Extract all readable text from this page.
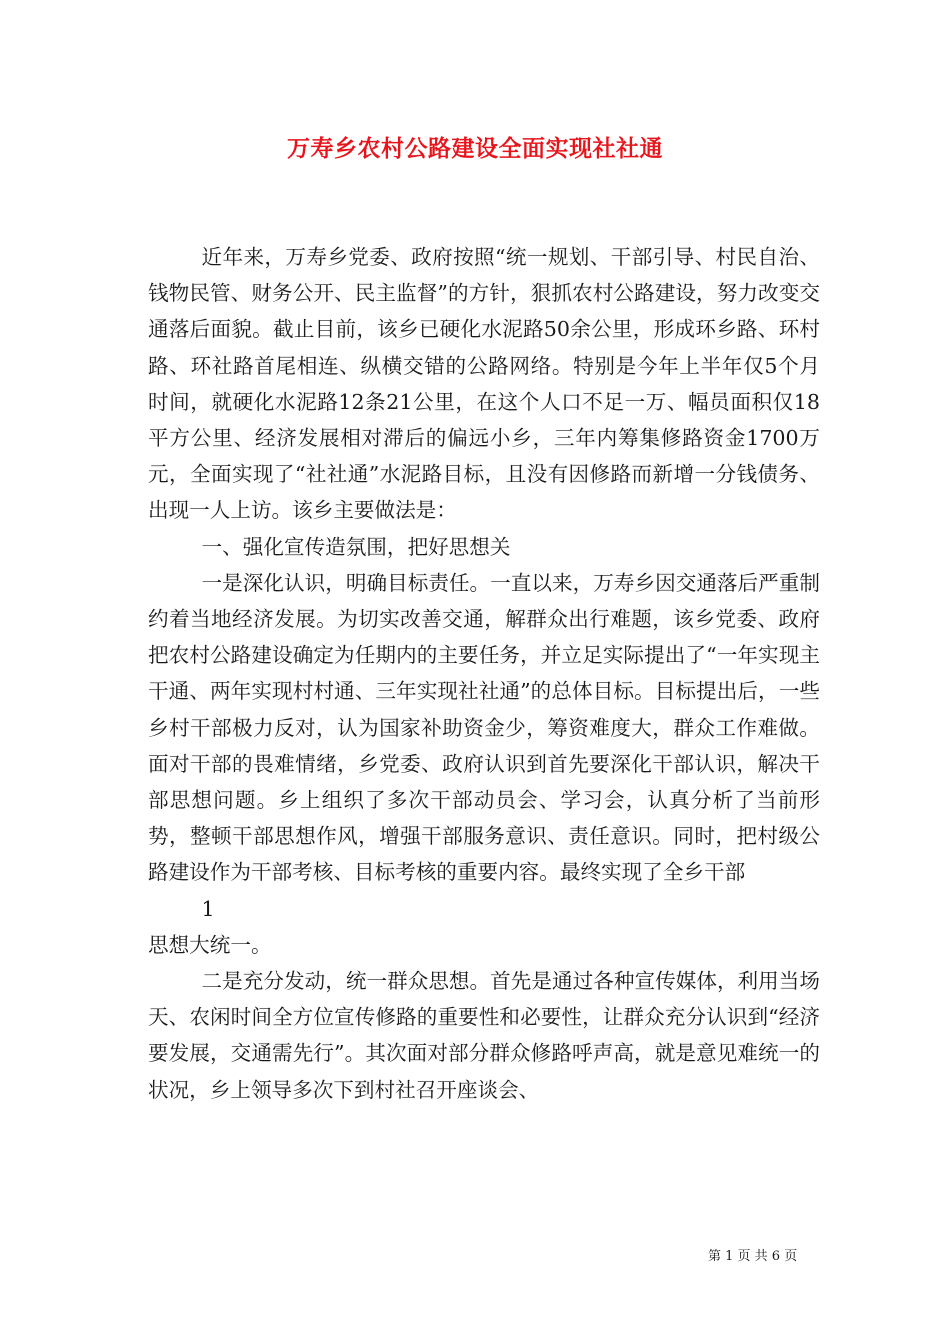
万寿乡农村公路建设全面实现社社通

近年来，万寿乡党委、政府按照“统一规划、干部引导、村民自治、钱物民管、财务公开、民主监督”的方针，狠抓农村公路建设，努力改变交通落后面貌。截止目前，该乡已硬化水泥路50余公里，形成环乡路、环村路、环社路首尾相连、纵横交错的公路网络。特别是今年上半年仅5个月时间，就硬化水泥路12条21公里，在这个人口不足一万、幅员面积仅18平方公里、经济发展相对滞后的偏远小乡，三年内筹集修路资金1700万元，全面实现了“社社通”水泥路目标，且没有因修路而新增一分钱债务、出现一人上访。该乡主要做法是：

一、强化宣传造氛围，把好思想关

一是深化认识，明确目标责任。一直以来，万寿乡因交通落后严重制约着当地经济发展。为切实改善交通，解群众出行难题，该乡党委、政府把农村公路建设确定为任期内的主要任务，并立足实际提出了“一年实现主干通、两年实现村村通、三年实现社社通”的总体目标。目标提出后，一些乡村干部极力反对，认为国家补助资金少，筹资难度大，群众工作难做。面对干部的畏难情绪，乡党委、政府认识到首先要深化干部认识，解决干部思想问题。乡上组织了多次干部动员会、学习会，认真分析了当前形势，整顿干部思想作风，增强干部服务意识、责任意识。同时，把村级公路建设作为干部考核、目标考核的重要内容。最终实现了全乡干部

1

思想大统一。

二是充分发动，统一群众思想。首先是通过各种宣传媒体，利用当场天、农闲时间全方位宣传修路的重要性和必要性，让群众充分认识到“经济要发展，交通需先行”。其次面对部分群众修路呼声高，就是意见难统一的状况，乡上领导多次下到村社召开座谈会、

第 1 页 共 6 页
